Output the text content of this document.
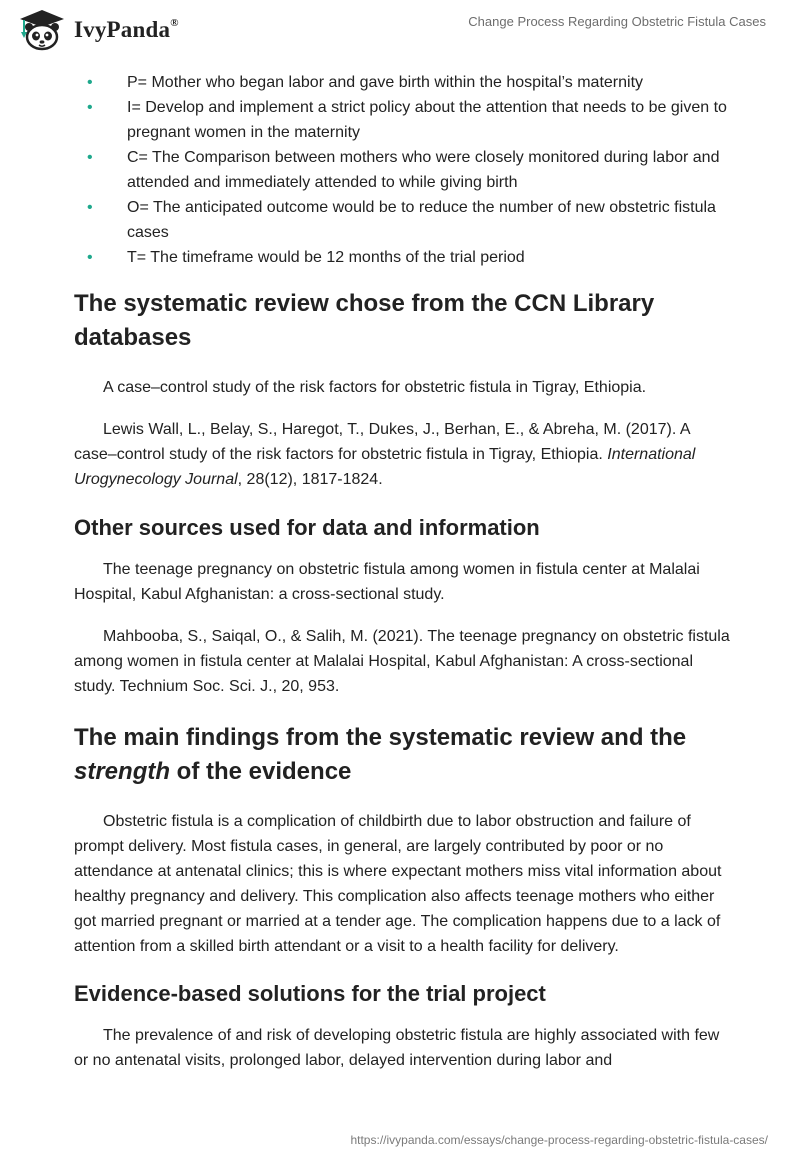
IvyPanda®	Change Process Regarding Obstetric Fistula Cases
• P= Mother who began labor and gave birth within the hospital’s maternity
• I= Develop and implement a strict policy about the attention that needs to be given to pregnant women in the maternity
• C= The Comparison between mothers who were closely monitored during labor and attended and immediately attended to while giving birth
• O= The anticipated outcome would be to reduce the number of new obstetric fistula cases
• T= The timeframe would be 12 months of the trial period
The systematic review chose from the CCN Library databases

A case–control study of the risk factors for obstetric fistula in Tigray, Ethiopia.

Lewis Wall, L., Belay, S., Haregot, T., Dukes, J., Berhan, E., & Abreha, M. (2017). A case–control study of the risk factors for obstetric fistula in Tigray, Ethiopia. International Urogynecology Journal, 28(12), 1817-1824.

Other sources used for data and information

The teenage pregnancy on obstetric fistula among women in fistula center at Malalai Hospital, Kabul Afghanistan: a cross-sectional study.

Mahbooba, S., Saiqal, O., & Salih, M. (2021). The teenage pregnancy on obstetric fistula among women in fistula center at Malalai Hospital, Kabul Afghanistan: A cross-sectional study. Technium Soc. Sci. J., 20, 953.

The main findings from the systematic review and the strength of the evidence

Obstetric fistula is a complication of childbirth due to labor obstruction and failure of prompt delivery. Most fistula cases, in general, are largely contributed by poor or no attendance at antenatal clinics; this is where expectant mothers miss vital information about healthy pregnancy and delivery. This complication also affects teenage mothers who either got married pregnant or married at a tender age. The complication happens due to a lack of attention from a skilled birth attendant or a visit to a health facility for delivery.

Evidence-based solutions for the trial project

The prevalence of and risk of developing obstetric fistula are highly associated with few or no antenatal visits, prolonged labor, delayed intervention during labor and

https://ivypanda.com/essays/change-process-regarding-obstetric-fistula-cases/
